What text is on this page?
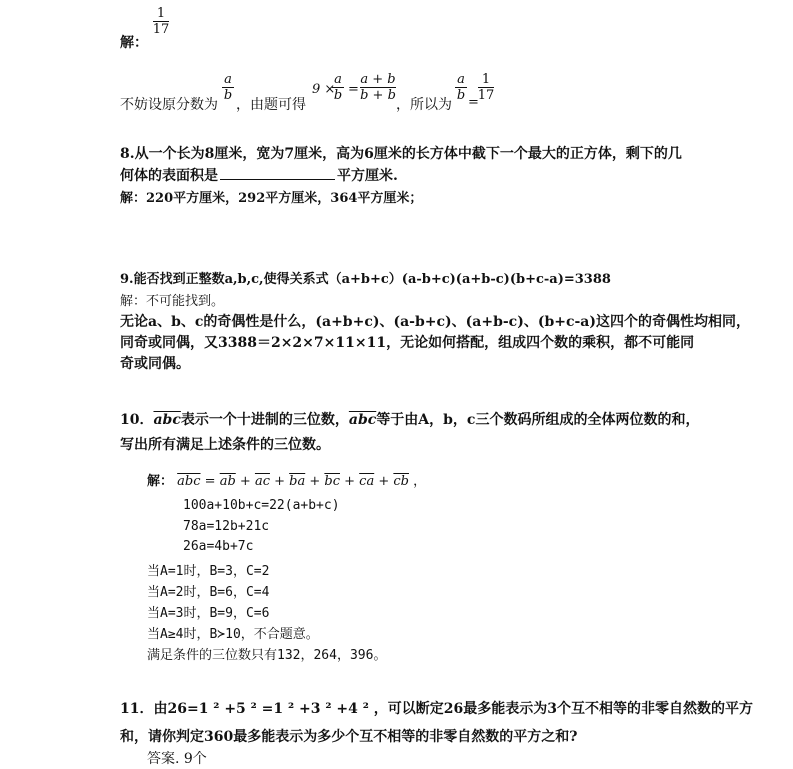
1
17
解：
不妨设原分数为
a
b
，由题可得
9 ×
a
b =
a + b
b + b
，所以为
a
b =
1
17
8.从一个长为8厘米，宽为7厘米，高为6厘米的长方体中截下一个最大的正方体，剩下的几
何体的表面积是	平方厘米.
解：220平方厘米，292平方厘米，364平方厘米；
9.能否找到正整数a,b,c,使得关系式（a+b+c）(a-b+c)(a+b-c)(b+c-a)=3388
解：不可能找到。
无论a、b、c的奇偶性是什么，(a+b+c)、(a-b+c)、(a+b-c)、(b+c-a)这四个的奇偶性均相同，
同奇或同偶，又3388＝2×2×7×11×11，无论如何搭配，组成四个数的乘积，都不可能同
奇或同偶。
10．$\overline{abc}$表示一个十进制的三位数，$\overline{abc}$等于由A，b，c三个数码所组成的全体两位数的和，
写出所有满足上述条件的三位数。
解： $\overline{abc} = \overline{ab} + \overline{ac} + \overline{ba} + \overline{bc} + \overline{ca} + \overline{cb}$ ，
100a+10b+c=22(a+b+c)
78a=12b+21c
26a=4b+7c
当A=1时，B=3，C=2
当A=2时，B=6，C=4
当A=3时，B=9，C=6
当A≥4时，B≻10，不合题意。
满足条件的三位数只有132，264，396。
11．由26=1 ² +5 ² =1 ² +3 ² +4 ² ，可以断定26最多能表示为3个互不相等的非零自然数的平方
和，请你判定360最多能表示为多少个互不相等的非零自然数的平方之和?
答案. 9个
